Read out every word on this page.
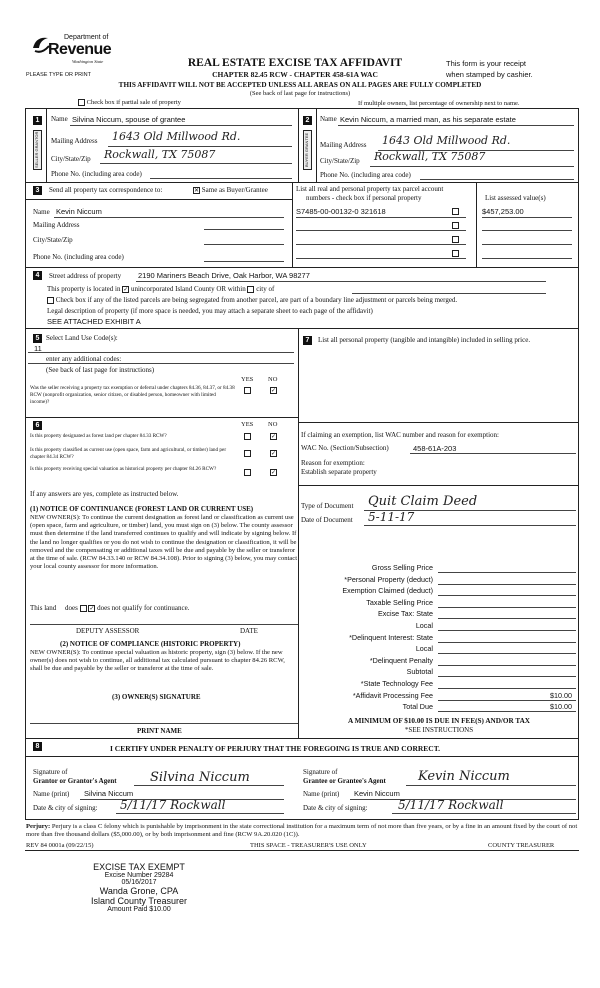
Department of
Revenue
Washington State
PLEASE TYPE OR PRINT
REAL ESTATE EXCISE TAX AFFIDAVIT
CHAPTER 82.45 RCW - CHAPTER 458-61A WAC
This form is your receipt
when stamped by cashier.
THIS AFFIDAVIT WILL NOT BE ACCEPTED UNLESS ALL AREAS ON ALL PAGES ARE FULLY COMPLETED
(See back of last page for instructions)
Check box if partial sale of property	If multiple owners, list percentage of ownership next to name.
1
SELLER GRANTOR
Name Silvina Niccum, spouse of grantee
Mailing Address 1643 Old Millwood Rd.
City/State/Zip Rockwall, TX 75087
Phone No. (including area code)
2
BUYER GRANTEE
Name Kevin Niccum, a married man, as his separate estate
Mailing Address 1643 Old Millwood Rd.
City/State/Zip Rockwall, TX 75087
Phone No. (including area code)
3	Send all property tax correspondence to:	✕ Same as Buyer/Grantee
Name Kevin Niccum
Mailing Address
City/State/Zip
Phone No. (including area code)
List all real and personal property tax parcel account
numbers - check box if personal property	List assessed value(s)
S7485-00-00132-0 321618	$457,253.00
4	Street address of property 2190 Mariners Beach Drive, Oak Harbor, WA 98277
This property is located in ✓ unincorporated Island County OR within city of
Check box if any of the listed parcels are being segregated from another parcel, are part of a boundary line adjustment or parcels being merged.
Legal description of property (if more space is needed, you may attach a separate sheet to each page of the affidavit)
SEE ATTACHED EXHIBIT A
5 Select Land Use Code(s):
11
enter any additional codes:
(See back of last page for instructions)
YES NO
Was the seller receiving a property tax exemption or deferral under chapters 84.36, 84.37, or 84.38 RCW (nonprofit organization, senior citizen, or disabled person, homeowner with limited income)?
✓
6	YES NO
Is this property designated as forest land per chapter 84.33 RCW?	✓
Is this property classified as current use (open space, farm and agricultural, or timber) land per chapter 84.34 RCW?	✓
Is this property receiving special valuation as historical property per chapter 84.26 RCW?	✓
If any answers are yes, complete as instructed below.
(1) NOTICE OF CONTINUANCE (FOREST LAND OR CURRENT USE)
NEW OWNER(S): To continue the current designation as forest land or classification as current use (open space, farm and agriculture, or timber) land, you must sign on (3) below. The county assessor must then determine if the land transferred continues to qualify and will indicate by signing below. If the land no longer qualifies or you do not wish to continue the designation or classification, it will be removed and the compensating or additional taxes will be due and payable by the seller or transferor at the time of sale. (RCW 84.33.140 or RCW 84.34.108). Prior to signing (3) below, you may contact your local county assessor for more information.
This land does ✓ does not qualify for continuance.
DEPUTY ASSESSOR	DATE
(2) NOTICE OF COMPLIANCE (HISTORIC PROPERTY)
NEW OWNER(S): To continue special valuation as historic property, sign (3) below. If the new owner(s) does not wish to continue, all additional tax calculated pursuant to chapter 84.26 RCW, shall be due and payable by the seller or transferor at the time of sale.
(3) OWNER(S) SIGNATURE
PRINT NAME
7	List all personal property (tangible and intangible) included in selling price.
If claiming an exemption, list WAC number and reason for exemption:
WAC No. (Section/Subsection)	458-61A-203
Reason for exemption:
Establish separate property
Type of Document Quit Claim Deed
Date of Document 5-11-17
Gross Selling Price
*Personal Property (deduct)
Exemption Claimed (deduct)
Taxable Selling Price
Excise Tax: State
Local
*Delinquent Interest: State
Local
*Delinquent Penalty
Subtotal
*State Technology Fee
*Affidavit Processing Fee	$10.00
Total Due	$10.00
A MINIMUM OF $10.00 IS DUE IN FEE(S) AND/OR TAX
*SEE INSTRUCTIONS
8	I CERTIFY UNDER PENALTY OF PERJURY THAT THE FOREGOING IS TRUE AND CORRECT.
Signature of
Grantor or Grantor's Agent	Silvina Niccum
Name (print) Silvina Niccum
Date & city of signing: 5/11/17 Rockwall
Signature of
Grantee or Grantee's Agent Kevin Niccum
Name (print) Kevin Niccum
Date & city of signing:	5/11/17 Rockwall
Perjury: Perjury is a class C felony which is punishable by imprisonment in the state correctional institution for a maximum term of not more than five years, or by a fine in an amount fixed by the court of not more than five thousand dollars ($5,000.00), or by both imprisonment and fine (RCW 9A.20.020 (1C)).
REV 84 0001a (09/22/15)	THIS SPACE - TREASURER'S USE ONLY	COUNTY TREASURER
EXCISE TAX EXEMPT
Excise Number 29284
05/16/2017
Wanda Grone, CPA
Island County Treasurer
Amount Paid $10.00
